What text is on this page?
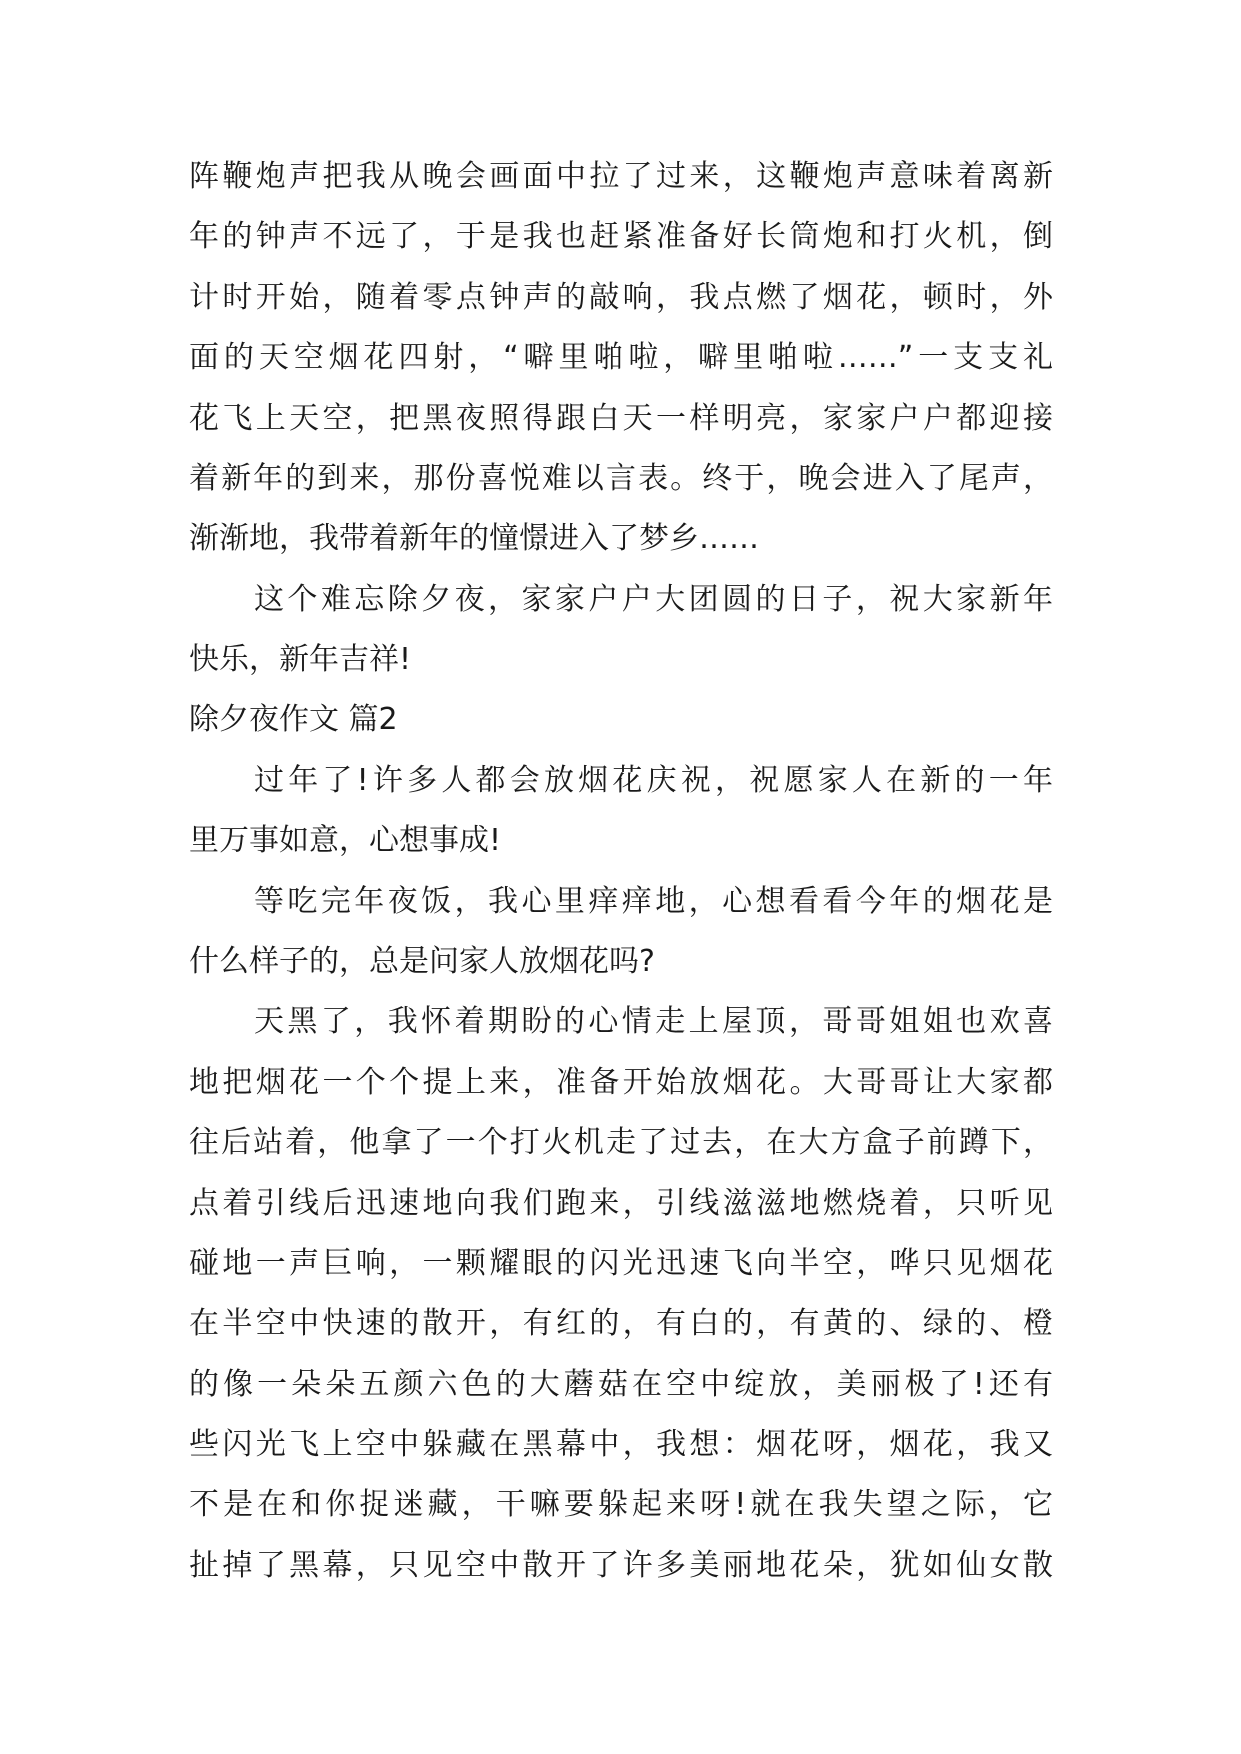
阵鞭炮声把我从晚会画面中拉了过来，这鞭炮声意味着离新
年的钟声不远了，于是我也赶紧准备好长筒炮和打火机，倒
计时开始，随着零点钟声的敲响，我点燃了烟花，顿时，外
面的天空烟花四射，“噼里啪啦，噼里啪啦……”一支支礼
花飞上天空，把黑夜照得跟白天一样明亮，家家户户都迎接
着新年的到来，那份喜悦难以言表。终于，晚会进入了尾声，
渐渐地，我带着新年的憧憬进入了梦乡……
这个难忘除夕夜，家家户户大团圆的日子，祝大家新年
快乐，新年吉祥!
除夕夜作文 篇2
过年了!许多人都会放烟花庆祝，祝愿家人在新的一年
里万事如意，心想事成!
等吃完年夜饭，我心里痒痒地，心想看看今年的烟花是
什么样子的，总是问家人放烟花吗?
天黑了，我怀着期盼的心情走上屋顶，哥哥姐姐也欢喜
地把烟花一个个提上来，准备开始放烟花。大哥哥让大家都
往后站着，他拿了一个打火机走了过去，在大方盒子前蹲下，
点着引线后迅速地向我们跑来，引线滋滋地燃烧着，只听见
碰地一声巨响，一颗耀眼的闪光迅速飞向半空，哗只见烟花
在半空中快速的散开，有红的，有白的，有黄的、绿的、橙
的像一朵朵五颜六色的大蘑菇在空中绽放，美丽极了!还有
些闪光飞上空中躲藏在黑幕中，我想：烟花呀，烟花，我又
不是在和你捉迷藏，干嘛要躲起来呀!就在我失望之际，它
扯掉了黑幕，只见空中散开了许多美丽地花朵，犹如仙女散
